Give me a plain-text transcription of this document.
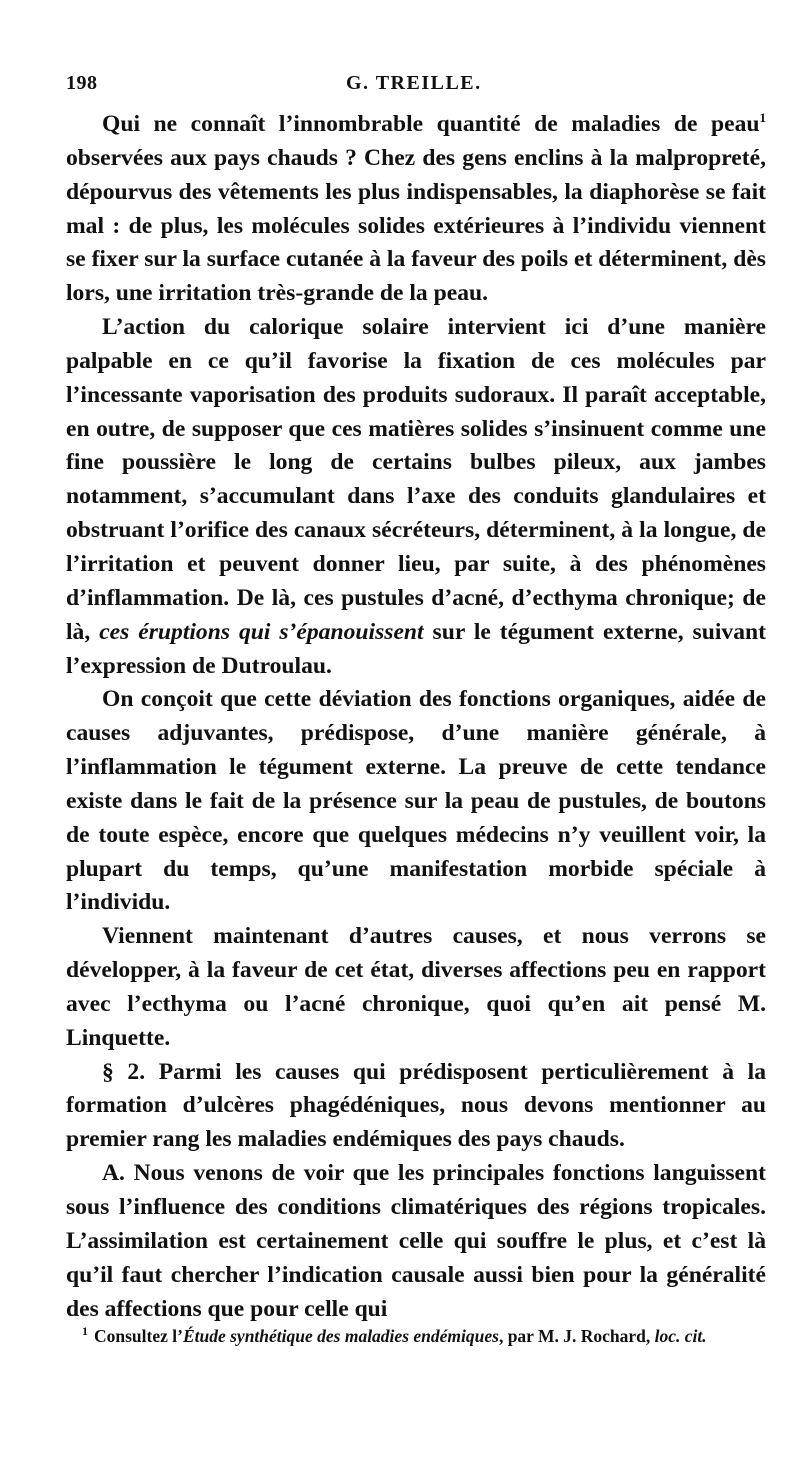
198	G. TREILLE.

Qui ne connaît l’innombrable quantité de maladies de peau$^1$ observées aux pays chauds ? Chez des gens enclins à la malpropreté, dépourvus des vêtements les plus indispensables, la diaphorèse se fait mal : de plus, les molécules solides extérieures à l’individu viennent se fixer sur la surface cutanée à la faveur des poils et déterminent, dès lors, une irritation très-grande de la peau.

L’action du calorique solaire intervient ici d’une manière palpable en ce qu’il favorise la fixation de ces molécules par l’incessante vaporisation des produits sudoraux. Il paraît acceptable, en outre, de supposer que ces matières solides s’insinuent comme une fine poussière le long de certains bulbes pileux, aux jambes notamment, s’accumulant dans l’axe des conduits glandulaires et obstruant l’orifice des canaux sécréteurs, déterminent, à la longue, de l’irritation et peuvent donner lieu, par suite, à des phénomènes d’inflammation. De là, ces pustules d’acné, d’ecthyma chronique; de là, ces éruptions qui s’épanouissent sur le tégument externe, suivant l’expression de Dutroulau.

On conçoit que cette déviation des fonctions organiques, aidée de causes adjuvantes, prédispose, d’une manière générale, à l’inflammation le tégument externe. La preuve de cette tendance existe dans le fait de la présence sur la peau de pustules, de boutons de toute espèce, encore que quelques médecins n’y veuillent voir, la plupart du temps, qu’une manifestation morbide spéciale à l’individu.

Viennent maintenant d’autres causes, et nous verrons se développer, à la faveur de cet état, diverses affections peu en rapport avec l’ecthyma ou l’acné chronique, quoi qu’en ait pensé M. Linquette.

§ 2. Parmi les causes qui prédisposent perticulièrement à la formation d’ulcères phagédéniques, nous devons mentionner au premier rang les maladies endémiques des pays chauds.

A. Nous venons de voir que les principales fonctions languissent sous l’influence des conditions climatériques des régions tropicales. L’assimilation est certainement celle qui souffre le plus, et c’est là qu’il faut chercher l’indication causale aussi bien pour la généralité des affections que pour celle qui

$^1$ Consultez l’Étude synthétique des maladies endémiques, par M. J. Rochard, loc. cit.
